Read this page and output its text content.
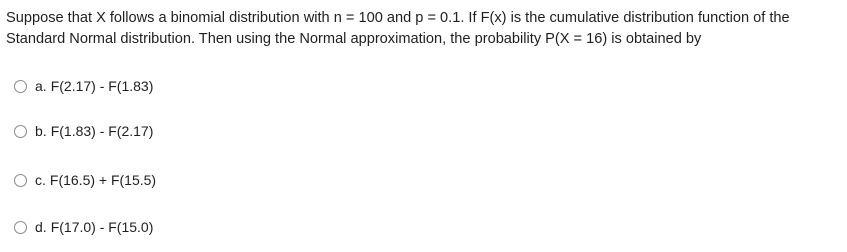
Suppose that X follows a binomial distribution with n = 100 and p = 0.1. If F(x) is the cumulative distribution function of the Standard Normal distribution. Then using the Normal approximation, the probability P(X = 16) is obtained by
a. F(2.17) - F(1.83)
b. F(1.83) - F(2.17)
c. F(16.5) + F(15.5)
d. F(17.0) - F(15.0)
